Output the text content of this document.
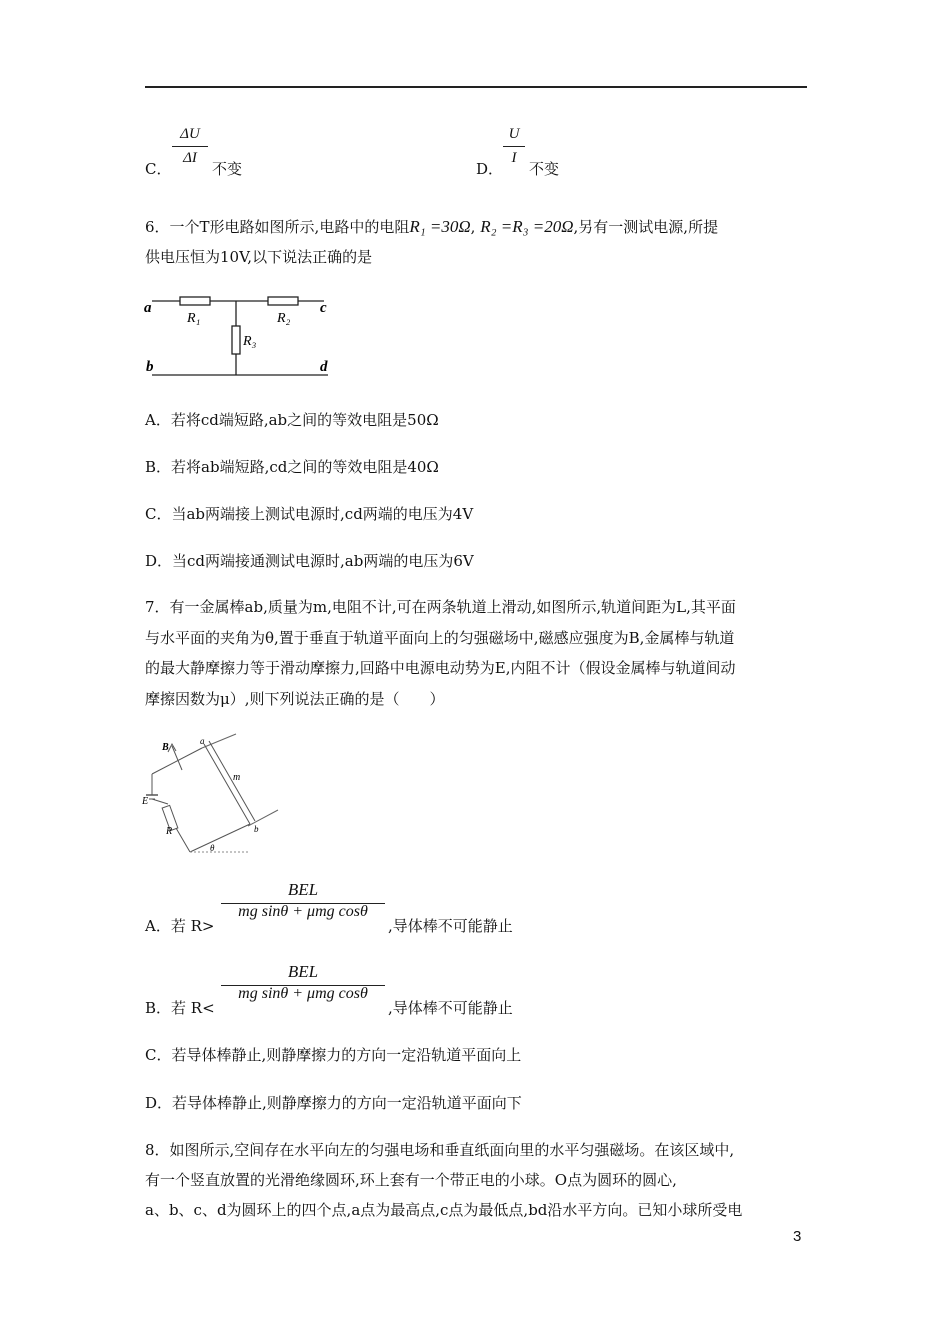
C．
ΔU
ΔI
不变	D．
U
I
不变
6．一个T形电路如图所示,电路中的电阻R₁ =30Ω, R₂ =R₃ =20Ω,另有一测试电源,所提
供电压恒为10V,以下说法正确的是
a
R₁	R₂
c
R₃
b	d
A．若将cd端短路,ab之间的等效电阻是50Ω
B．若将ab端短路,cd之间的等效电阻是40Ω
C．当ab两端接上测试电源时,cd两端的电压为4V
D．当cd两端接通测试电源时,ab两端的电压为6V
7．有一金属棒ab,质量为m,电阻不计,可在两条轨道上滑动,如图所示,轨道间距为L,其平面
与水平面的夹角为θ,置于垂直于轨道平面向上的匀强磁场中,磁感应强度为B,金属棒与轨道
的最大静摩擦力等于滑动摩擦力,回路中电源电动势为E,内阻不计（假设金属棒与轨道间动
摩擦因数为μ）,则下列说法正确的是（　　）
B
a
m
E
R	b
θ
A．若 R>
BEL
mg sinθ + μmg cosθ
,导体棒不可能静止
B．若 R<
BEL
mg sinθ + μmg cosθ
,导体棒不可能静止
C．若导体棒静止,则静摩擦力的方向一定沿轨道平面向上
D．若导体棒静止,则静摩擦力的方向一定沿轨道平面向下
8．如图所示,空间存在水平向左的匀强电场和垂直纸面向里的水平匀强磁场。在该区域中,
有一个竖直放置的光滑绝缘圆环,环上套有一个带正电的小球。O点为圆环的圆心,
a、b、c、d为圆环上的四个点,a点为最高点,c点为最低点,bd沿水平方向。已知小球所受电
3
